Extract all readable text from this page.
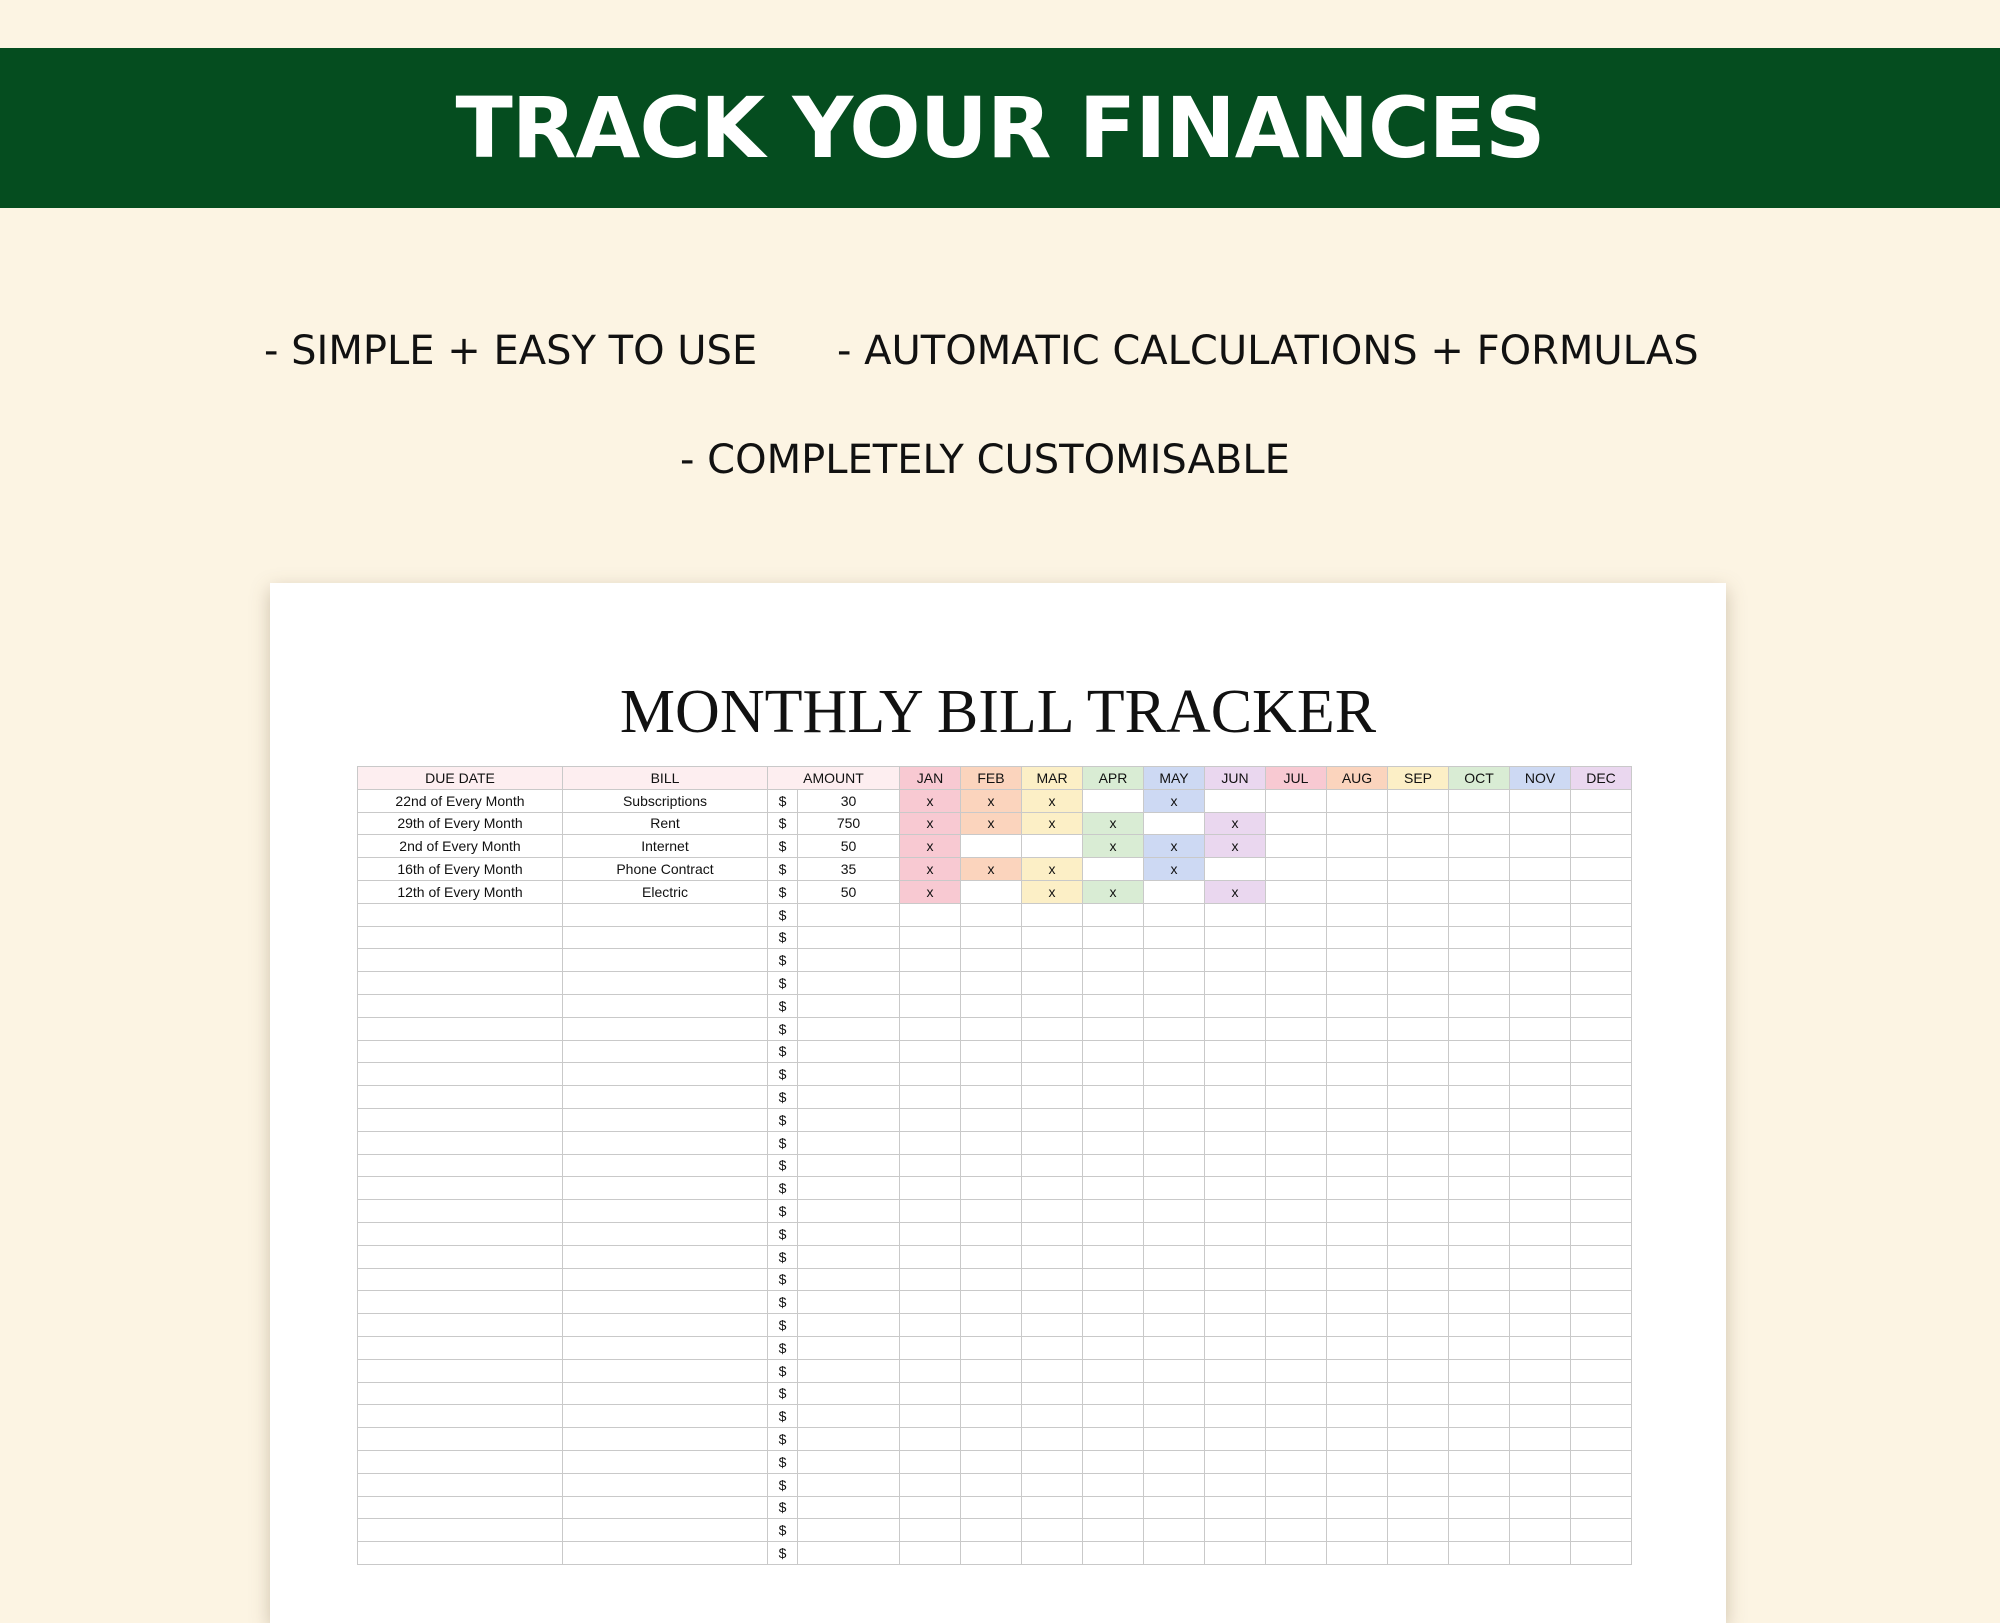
TRACK YOUR FINANCES
- SIMPLE + EASY TO USE - AUTOMATIC CALCULATIONS + FORMULAS
- COMPLETELY CUSTOMISABLE
MONTHLY BILL TRACKER
DUE DATE	BILL	AMOUNT		JAN	FEB	MAR	APR	MAY	JUN	JUL	AUG	SEP	OCT	NOV	DEC
22nd of Every Month	Subscriptions	$	30	x	x	x		x							
29th of Every Month	Rent	$	750	x	x	x	x		x						
2nd of Every Month	Internet	$	50	x			x	x	x						
16th of Every Month	Phone Contract	$	35	x	x	x		x							
12th of Every Month	Electric	$	50	x		x	x		x						
		$													
		$													
		$													
		$													
		$													
		$													
		$													
		$													
		$													
		$													
		$													
		$													
		$													
		$													
		$													
		$													
		$													
		$													
		$													
		$													
		$													
		$													
		$													
		$													
		$													
		$													
		$													
		$													
		$													
